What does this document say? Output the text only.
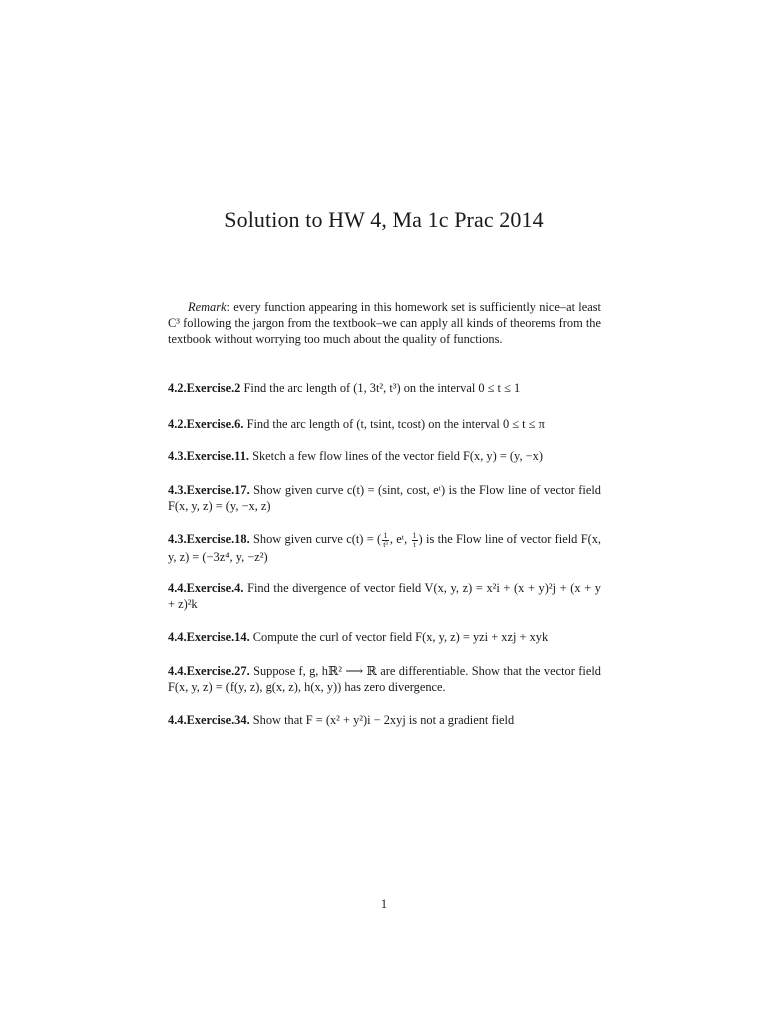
Solution to HW 4, Ma 1c Prac 2014
Remark: every function appearing in this homework set is sufficiently nice–at least C³ following the jargon from the textbook–we can apply all kinds of theorems from the textbook without worrying too much about the quality of functions.
4.2.Exercise.2 Find the arc length of (1, 3t², t³) on the interval 0 ≤ t ≤ 1
4.2.Exercise.6. Find the arc length of (t, tsint, tcost) on the interval 0 ≤ t ≤ π
4.3.Exercise.11. Sketch a few flow lines of the vector field F(x, y) = (y, −x)
4.3.Exercise.17. Show given curve c(t) = (sint, cost, eᵗ) is the Flow line of vector field F(x, y, z) = (y, −x, z)
4.3.Exercise.18. Show given curve c(t) = ( $\frac{1}{\text{t³}}$ , eᵗ, $\frac{1}{t}$ ) is the Flow line of vector field F(x, y, z) = (−3z⁴, y, −z²)
4.4.Exercise.4. Find the divergence of vector field V(x, y, z) = x²i + (x + y)²j + (x + y + z)²k
4.4.Exercise.14. Compute the curl of vector field F(x, y, z) = yzi + xzj + xyk
4.4.Exercise.27. Suppose f, g, hℝ² ⟶ ℝ are differentiable. Show that the vector field F(x, y, z) = (f(y, z), g(x, z), h(x, y)) has zero divergence.
4.4.Exercise.34. Show that F = (x² + y²)i − 2xyj is not a gradient field
1
